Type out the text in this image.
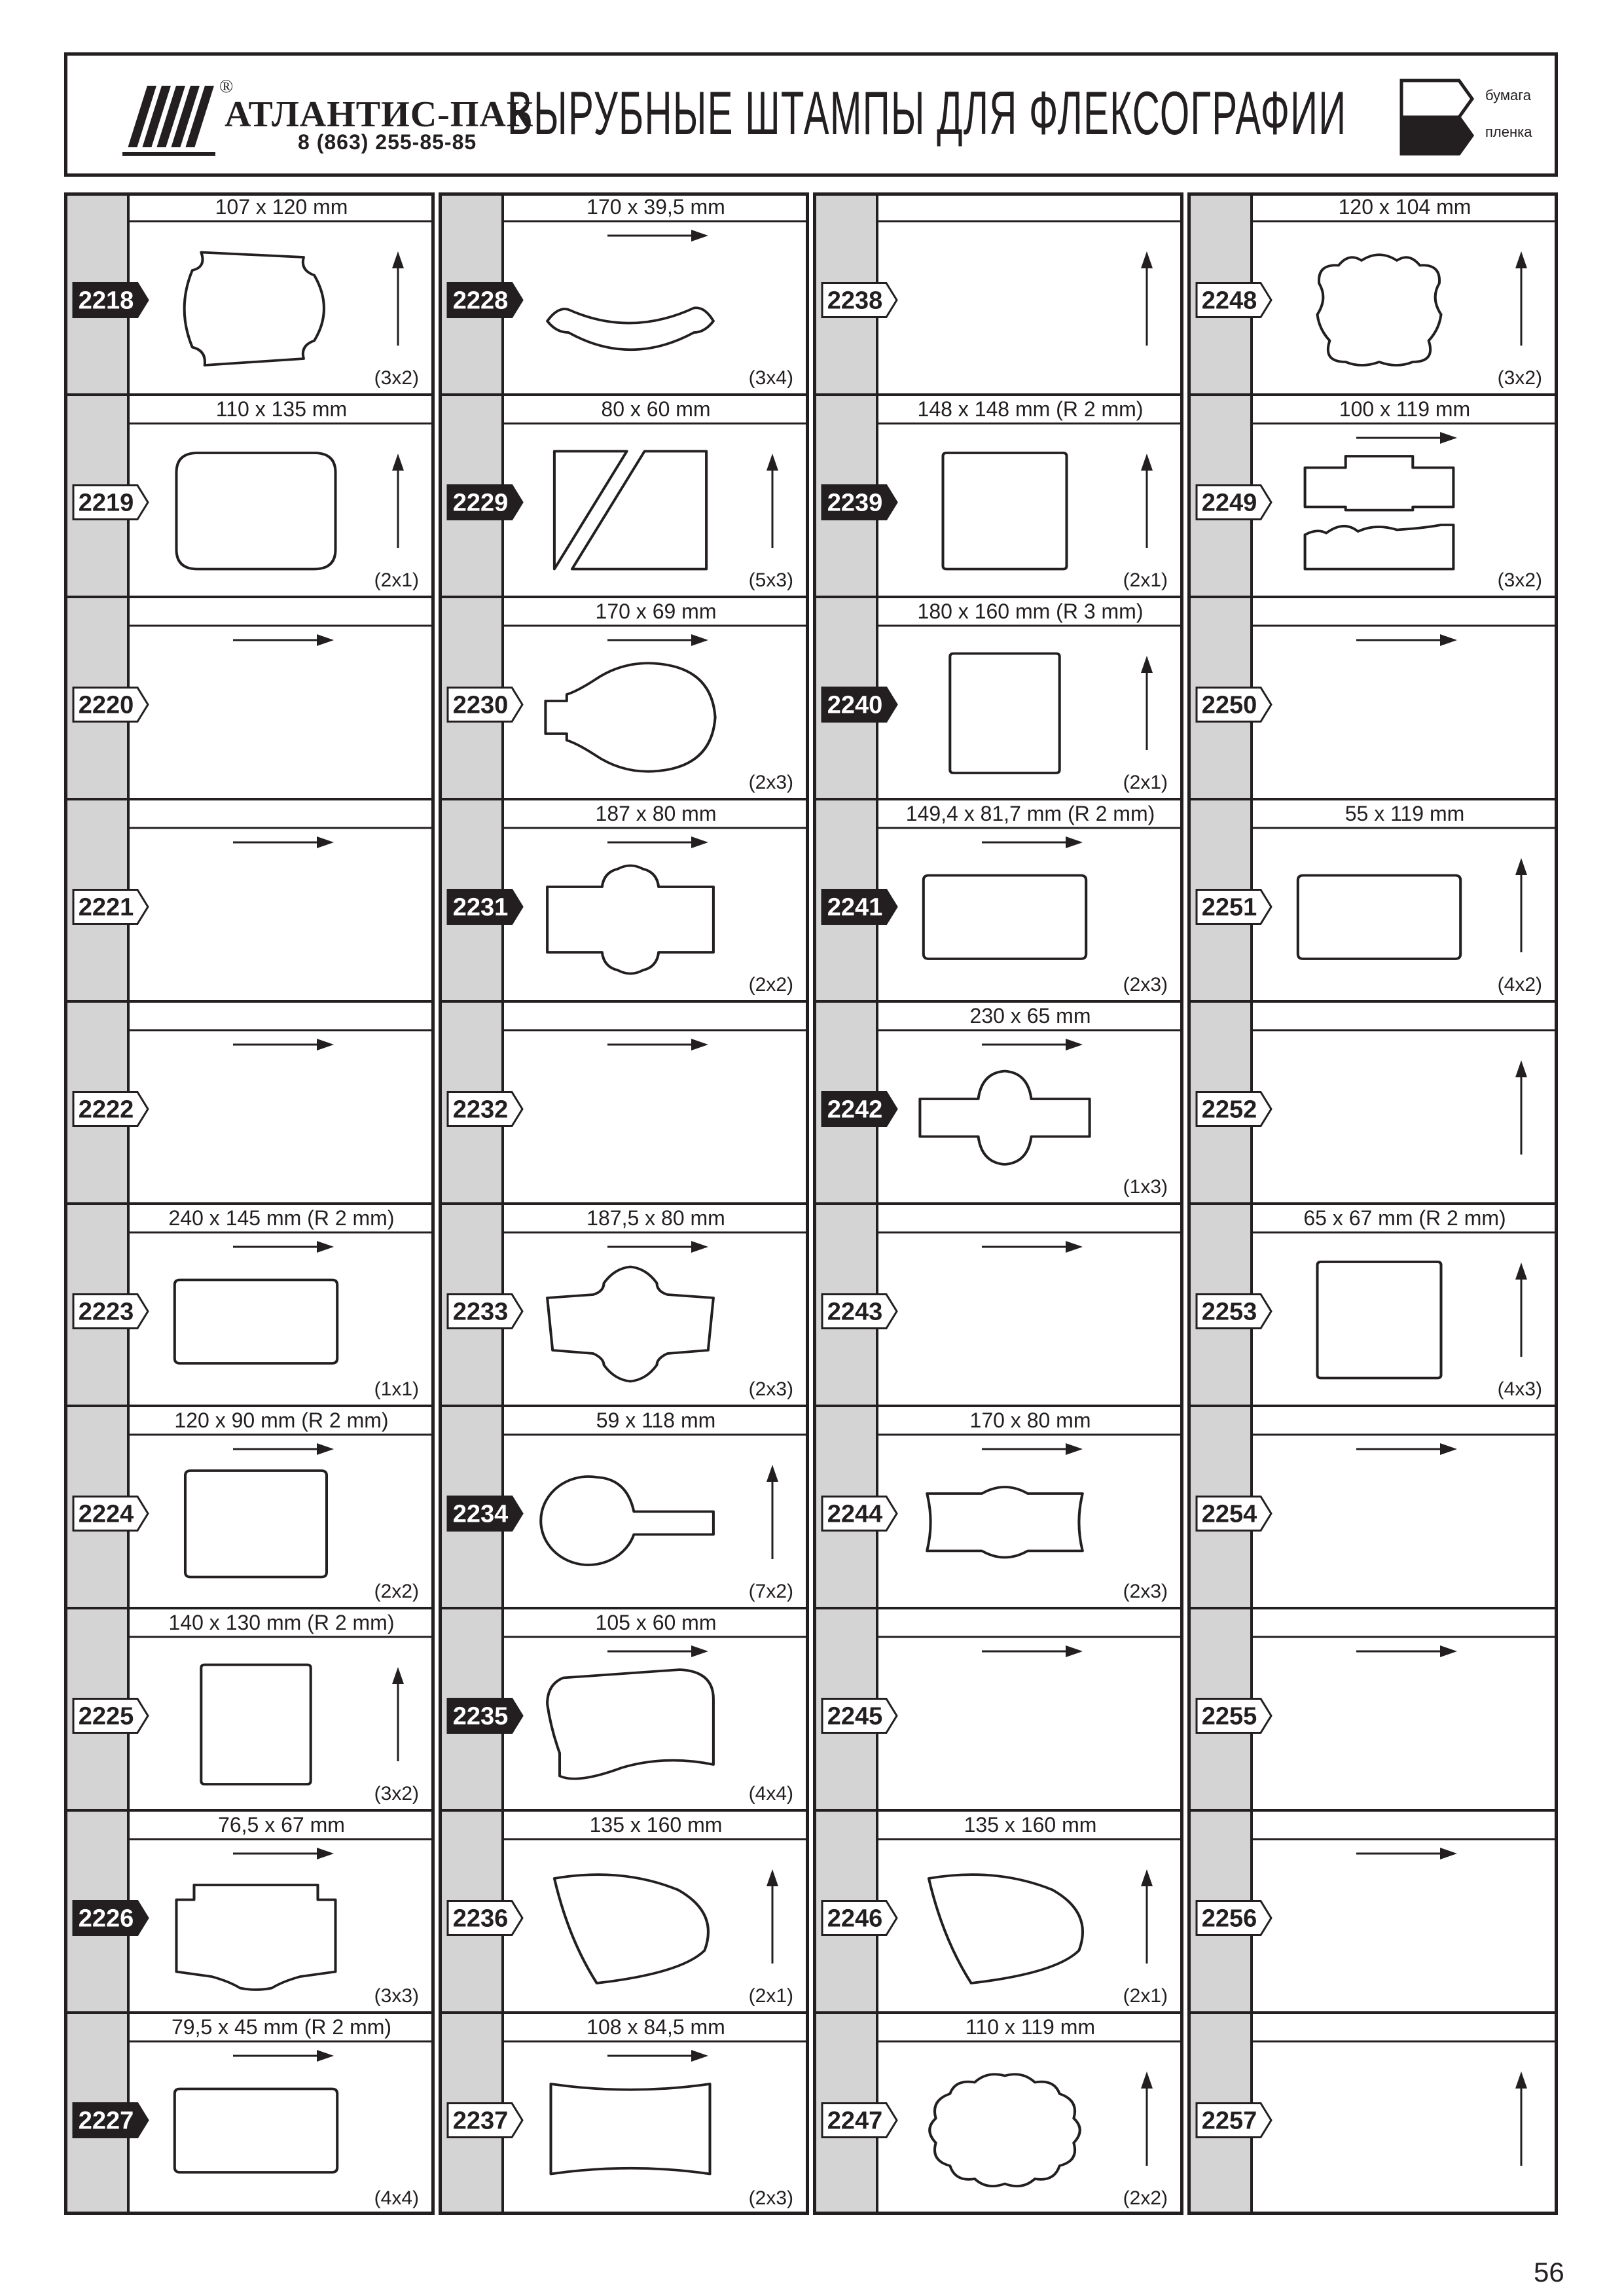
®
АТЛАНТИС-ПАК
8 (863) 255-85-85 ВЫРУБНЫЕ ШТАМПЫ ДЛЯ ФЛЕКСОГРАФИИ	бумага
пленка
107 x 120 mm
2218
(3x2)
110 x 135 mm
2219
(2x1)
2220
2221
2222
240 x 145 mm (R 2 mm)
2223
(1x1)
120 x 90 mm (R 2 mm)
2224
(2x2)
140 x 130 mm (R 2 mm)
2225
(3x2)
76,5 x 67 mm
2226
(3x3)
79,5 x 45 mm (R 2 mm)
2227
(4x4)
170 x 39,5 mm
2228
(3x4)
80 x 60 mm
2229
(5x3)
170 x 69 mm
2230
(2x3)
187 x 80 mm
2231
(2x2)
2232
187,5 x 80 mm
2233
(2x3)
59 x 118 mm
2234
(7x2)
105 x 60 mm
2235
(4x4)
135 x 160 mm
2236
(2x1)
108 x 84,5 mm
2237
(2x3)
2238
148 x 148 mm (R 2 mm)
2239
(2x1)
180 x 160 mm (R 3 mm)
2240
(2x1)
149,4 x 81,7 mm (R 2 mm)
2241
(2x3)
230 x 65 mm
2242
(1x3)
2243
170 x 80 mm
2244
(2x3)
2245
135 x 160 mm
2246
(2x1)
110 x 119 mm
2247
(2x2)
120 x 104 mm
2248
(3x2)
100 x 119 mm
2249
(3x2)
2250
55 x 119 mm
2251
(4x2)
2252
65 x 67 mm (R 2 mm)
2253
(4x3)
2254
2255
2256
2257
56
